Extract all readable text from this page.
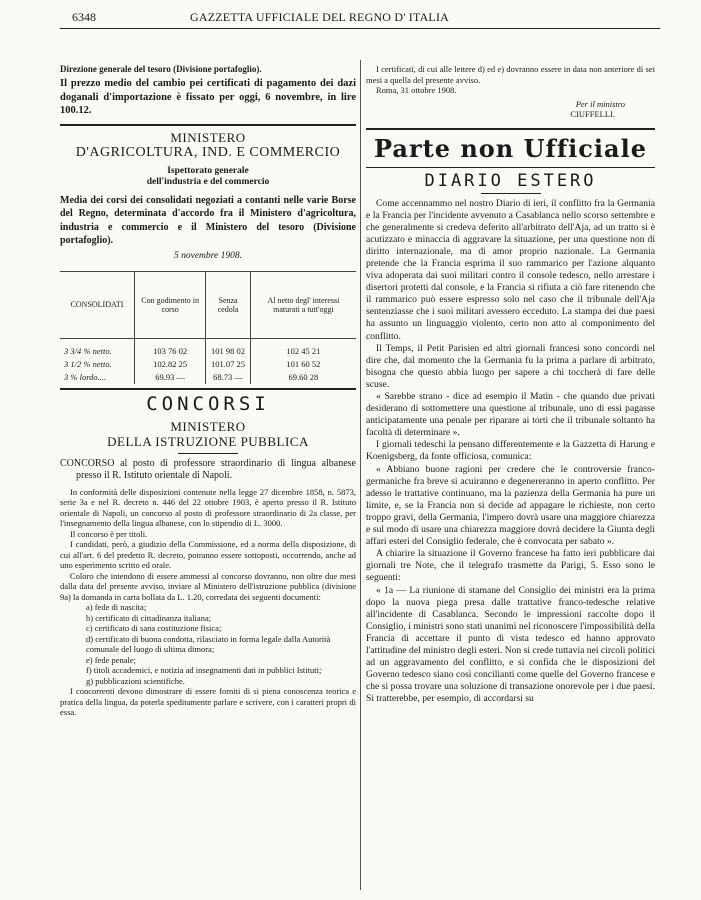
6348	GAZZETTA UFFICIALE DEL REGNO D' ITALIA

Direzione generale del tesoro (Divisione portafoglio).

Il prezzo medio del cambio pei certificati di pagamento dei dazi doganali d'importazione è fissato per oggi, 6 novembre, in lire 100.12.

MINISTERO

D'AGRICOLTURA, IND. E COMMERCIO

Ispettorato generale

dell'industria e del commercio

Media dei corsi dei consolidati negoziati a contanti nelle varie Borse del Regno, determinata d'accordo fra il Ministero d'agricoltura, industria e commercio e il Ministero del tesoro (Divisione portafoglio).

5 novembre 1908.

CONSOLIDATI	Con godimento in corso	Senza cedola	Al netto degl' interessi maturati a tutt'oggi

3 3/4 % netto.	103 76 02	101 98 02	102 45 21
3 1/2 % netto.	102.82 25	101.07 25	101 60 52
3 % lordo....	69.93 —	68.73 —	69.60 28

CONCORSI

MINISTERO

DELLA ISTRUZIONE PUBBLICA

CONCORSO al posto di professore straordinario di lingua albanese presso il R. Istituto orientale di Napoli.

In conformità delle disposizioni contenute nella legge 27 dicembre 1858, n. 5873, serie 3a e nel R. decreto n. 446 del 22 ottobre 1903, è aperto presso il R. Istituto orientale di Napoli, un concorso al posto di professore straordinario di 2a classe, per l'insegnamento della lingua albanese, con lo stipendio di L. 3000.

Il concorso è per titoli.

I candidati, però, a giudizio della Commissione, ed a norma della disposizione, di cui all'art. 6 del predetto R. decreto, potranno essere sottoposti, occorrendo, anche ad uno esperimento scritto ed orale.

Coloro che intendono di essere ammessi al concorso dovranno, non oltre due mesi dalla data del presente avviso, inviare al Ministero dell'istruzione pubblica (divisione 9a) la domanda in carta bollata da L. 1.20, corredata dei seguenti documenti:

a) fede di nascita;

b) certificato di cittadinanza italiana;

c) certificato di sana costituzione fisica;

d) certificato di buona condotta, rilasciato in forma legale dalla Autorità comunale del luogo di ultima dimora;

e) fede penale;

f) titoli accademici, e notizia ad insegnamenti dati in pubblici Istituti;

g) pubblicazioni scientifiche.

I concorrenti devono dimostrare di essere forniti di si piena conoscenza teorica e pratica della lingua, da poterla speditamente parlare e scrivere, con i caratteri propri di essa.

I certificati, di cui alle lettere d) ed e) dovranno essere in data non anteriore di sei mesi a quella del presente avviso.

Roma, 31 ottobre 1908.

Per il ministro

CIUFFELLI.

Parte non Ufficiale

DIARIO ESTERO

Come accennammo nel nostro Diario di ieri, il conflitto fra la Germania e la Francia per l'incidente avvenuto a Casablanca nello scorso settembre e che generalmente si credeva deferito all'arbitrato dell'Aja, ad un tratto si è acutizzato e minaccia di aggravare la situazione, per una questione non di diritto internazionale, ma di amor proprio nazionale. La Germania pretende che la Francia esprima il suo rammarico per l'azione alquanto viva adoperata dai suoi militari contro il console tedesco, nello arrestare i disertori protetti dal console, e la Francia si rifiuta a ciò fare ritenendo che il rammarico può essere espresso solo nel caso che il tribunale dell'Aja sentenziasse che i suoi militari avessero ecceduto. La stampa dei due paesi ha assunto un linguaggio violento, certo non atto al componimento del conflitto.

Il Temps, il Petit Parisien ed altri giornali francesi sono concordi nel dire che, dal momento che la Germania fu la prima a parlare di arbitrato, bisogna che questo abbia luogo per sapere a chi toccherà di fare delle scuse.

« Sarebbe strano - dice ad esempio il Matin - che quando due privati desiderano di sottomettere una questione al tribunale, uno di essi pagasse anticipatamente una penale per riparare ai torti che il tribunale soltanto ha facoltà di determinare ».

I giornali tedeschi la pensano differentemente e la Gazzetta di Harung e Koenigsberg, da fonte officiosa, comunica:

« Abbiano buone ragioni per credere che le controversie franco-germaniche fra breve si acuiranno e degenereranno in aperto conflitto. Per adesso le trattative continuano, ma la pazienza della Germania ha pure un limite, e, se la Francia non si decide ad appagare le richieste, non certo troppo gravi, della Germania, l'impero dovrà usare una maggiore chiarezza e sul modo di usare una chiarezza maggiore dovrà decidere la Giunta degli affari esteri del Consiglio federale, che è convocata per sabato ».

A chiarire la situazione il Governo francese ha fatto ieri pubblicare dai giornali tre Note, che il telegrafo trasmette da Parigi, 5. Esso sono le seguenti:

« 1a — La riunione di stamane del Consiglio dei ministri era la prima dopo la nuova piega presa dalle trattative franco-tedesche relative all'incidente di Casablanca. Secondo le impressioni raccolte dopo il Consiglio, i ministri sono stati unanimi nel riconoscere l'impossibilità della Francia di accettare il punto di vista tedesco ed hanno approvato l'attitudine del ministro degli esteri. Non si crede tuttavia nei circoli politici ad un aggravamento del conflitto, e si confida che le disposizioni del Governo tedesco siano così concilianti come quelle del Governo francese e che si possa trovare una soluzione di transazione onorevole per i due paesi. Si tratterebbe, per esempio, di accordarsi su
